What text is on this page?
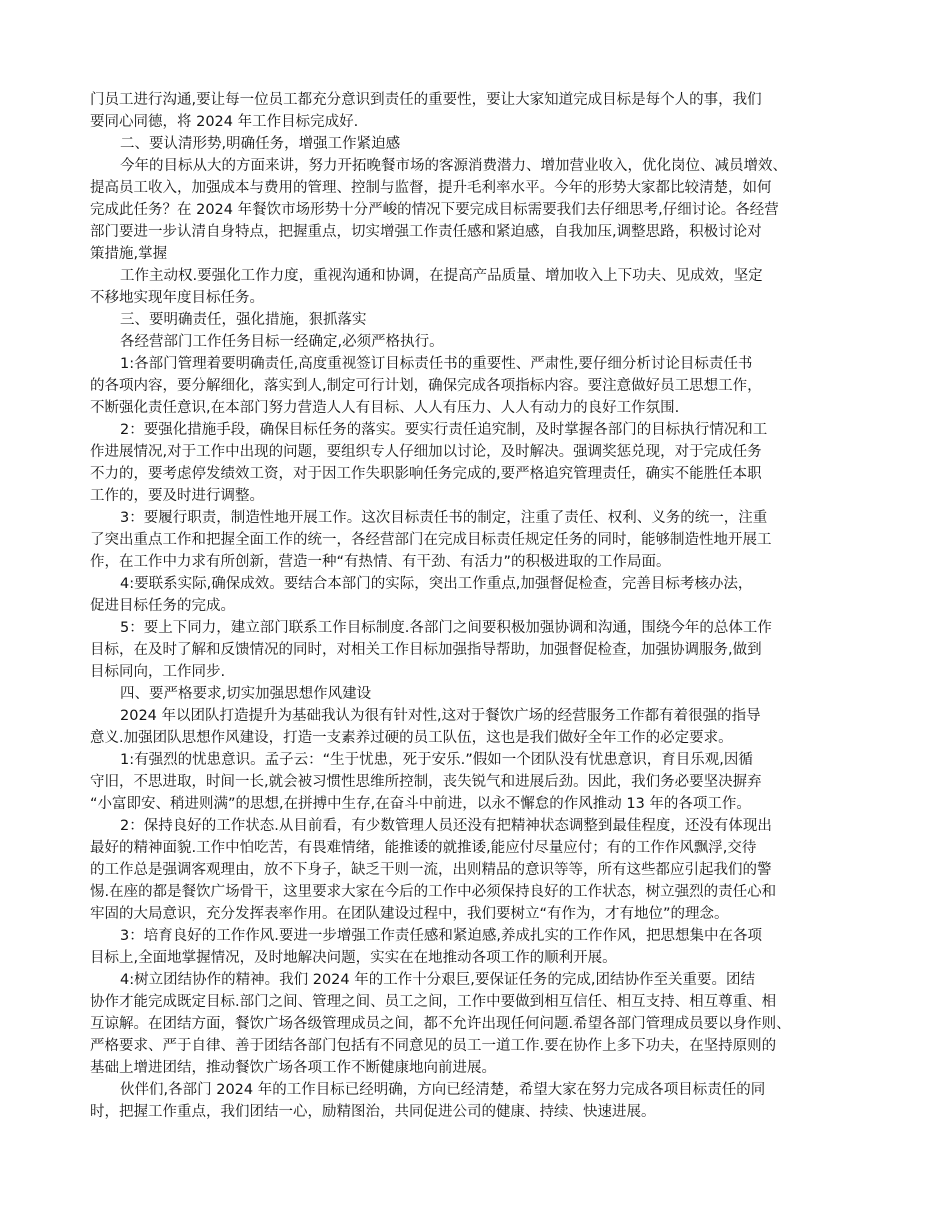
门员工进行沟通,要让每一位员工都充分意识到责任的重要性，要让大家知道完成目标是每个人的事，我们

要同心同德，将 2024 年工作目标完成好.

二、要认清形势,明确任务，增强工作紧迫感

今年的目标从大的方面来讲，努力开拓晚餐市场的客源消费潜力、增加营业收入，优化岗位、减员增效、

提高员工收入，加强成本与费用的管理、控制与监督，提升毛利率水平。今年的形势大家都比较清楚，如何

完成此任务？在 2024 年餐饮市场形势十分严峻的情况下要完成目标需要我们去仔细思考,仔细讨论。各经营

部门要进一步认清自身特点，把握重点，切实增强工作责任感和紧迫感，自我加压,调整思路，积极讨论对

策措施,掌握

工作主动权.要强化工作力度，重视沟通和协调，在提高产品质量、增加收入上下功夫、见成效，坚定

不移地实现年度目标任务。

三、要明确责任，强化措施，狠抓落实

各经营部门工作任务目标一经确定,必须严格执行。

1:各部门管理着要明确责任,高度重视签订目标责任书的重要性、严肃性,要仔细分析讨论目标责任书

的各项内容，要分解细化，落实到人,制定可行计划，确保完成各项指标内容。要注意做好员工思想工作，

不断强化责任意识,在本部门努力营造人人有目标、人人有压力、人人有动力的良好工作氛围.

2：要强化措施手段，确保目标任务的落实。要实行责任追究制，及时掌握各部门的目标执行情况和工

作进展情况,对于工作中出现的问题，要组织专人仔细加以讨论，及时解决。强调奖惩兑现，对于完成任务

不力的，要考虑停发绩效工资，对于因工作失职影响任务完成的,要严格追究管理责任，确实不能胜任本职

工作的，要及时进行调整。

3：要履行职责，制造性地开展工作。这次目标责任书的制定，注重了责任、权利、义务的统一，注重

了突出重点工作和把握全面工作的统一，各经营部门在完成目标责任规定任务的同时，能够制造性地开展工

作，在工作中力求有所创新，营造一种“有热情、有干劲、有活力”的积极进取的工作局面。

4:要联系实际,确保成效。要结合本部门的实际，突出工作重点,加强督促检查，完善目标考核办法，

促进目标任务的完成。

5：要上下同力，建立部门联系工作目标制度.各部门之间要积极加强协调和沟通，围绕今年的总体工作

目标，在及时了解和反馈情况的同时，对相关工作目标加强指导帮助，加强督促检查，加强协调服务,做到

目标同向，工作同步.

四、要严格要求,切实加强思想作风建设

2024 年以团队打造提升为基础我认为很有针对性,这对于餐饮广场的经营服务工作都有着很强的指导

意义.加强团队思想作风建设，打造一支素养过硬的员工队伍，这也是我们做好全年工作的必定要求。

1:有强烈的忧患意识。孟子云：“生于忧患，死于安乐.”假如一个团队没有忧患意识，育目乐观,因循

守旧，不思进取，时间一长,就会被习惯性思维所控制，丧失锐气和进展后劲。因此，我们务必要坚决摒弃

“小富即安、稍进则满”的思想,在拼搏中生存,在奋斗中前进，以永不懈怠的作风推动 13 年的各项工作。

2：保持良好的工作状态.从目前看，有少数管理人员还没有把精神状态调整到最佳程度，还没有体现出

最好的精神面貌.工作中怕吃苦，有畏难情绪，能推诿的就推诿,能应付尽量应付；有的工作作风飘浮,交待

的工作总是强调客观理由，放不下身子，缺乏干则一流，出则精品的意识等等，所有这些都应引起我们的警

惕.在座的都是餐饮广场骨干，这里要求大家在今后的工作中必须保持良好的工作状态，树立强烈的责任心和

牢固的大局意识，充分发挥表率作用。在团队建设过程中，我们要树立“有作为，才有地位”的理念。

3：培育良好的工作作风.要进一步增强工作责任感和紧迫感,养成扎实的工作作风，把思想集中在各项

目标上,全面地掌握情况，及时地解决问题，实实在在地推动各项工作的顺利开展。

4:树立团结协作的精神。我们 2024 年的工作十分艰巨,要保证任务的完成,团结协作至关重要。团结

协作才能完成既定目标.部门之间、管理之间、员工之间，工作中要做到相互信任、相互支持、相互尊重、相

互谅解。在团结方面，餐饮广场各级管理成员之间，都不允许出现任何问题.希望各部门管理成员要以身作则、

严格要求、严于自律、善于团结各部门包括有不同意见的员工一道工作.要在协作上多下功夫，在坚持原则的

基础上增进团结，推动餐饮广场各项工作不断健康地向前进展。

伙伴们,各部门 2024 年的工作目标已经明确，方向已经清楚，希望大家在努力完成各项目标责任的同

时，把握工作重点，我们团结一心，励精图治，共同促进公司的健康、持续、快速进展。
